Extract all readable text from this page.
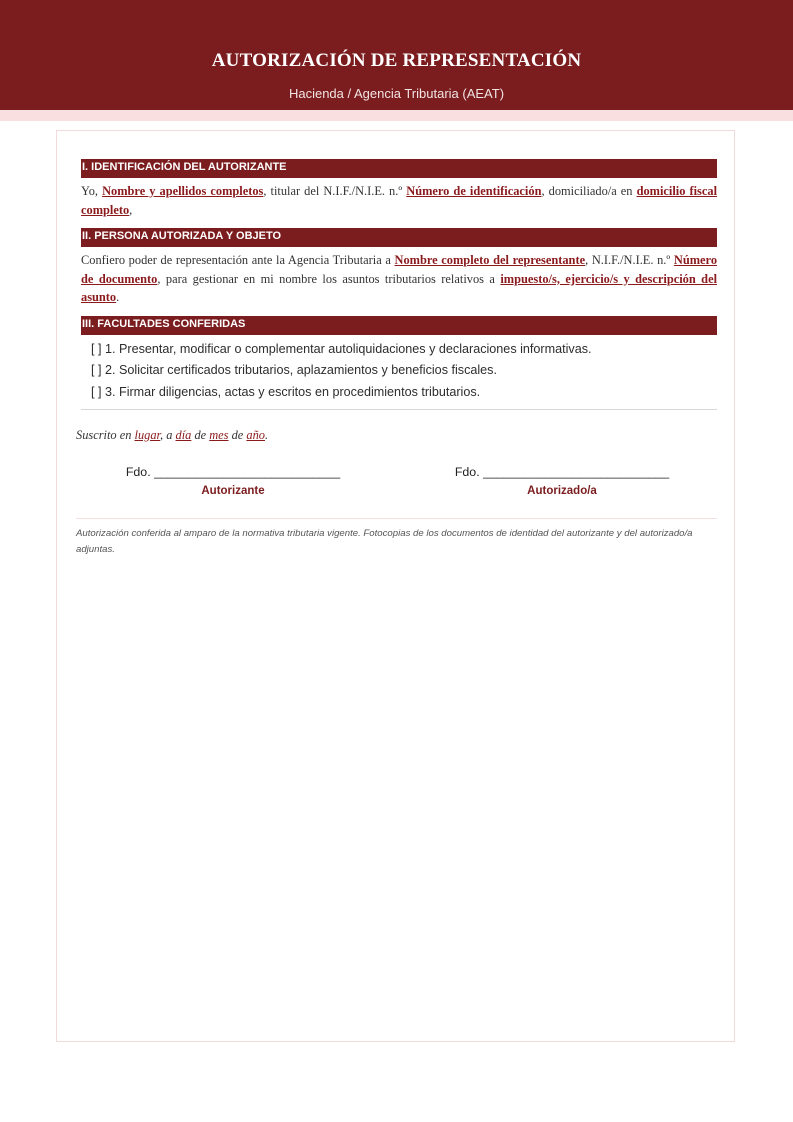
AUTORIZACIÓN DE REPRESENTACIÓN
Hacienda / Agencia Tributaria (AEAT)
I. IDENTIFICACIÓN DEL AUTORIZANTE

Yo, Nombre y apellidos completos, titular del N.I.F./N.I.E. n.º Número de identificación, domiciliado/a en domicilio fiscal completo,

II. PERSONA AUTORIZADA Y OBJETO

Confiero poder de representación ante la Agencia Tributaria a Nombre completo del representante, N.I.F./N.I.E. n.º Número de documento, para gestionar en mi nombre los asuntos tributarios relativos a impuesto/s, ejercicio/s y descripción del asunto.

III. FACULTADES CONFERIDAS
[ ] 1. Presentar, modificar o complementar autoliquidaciones y declaraciones informativas.
[ ] 2. Solicitar certificados tributarios, aplazamientos y beneficios fiscales.
[ ] 3. Firmar diligencias, actas y escritos en procedimientos tributarios.
Suscrito en lugar, a día de mes de año.
Fdo. ___________________________
Autorizante
Fdo. ___________________________
Autorizado/a
Autorización conferida al amparo de la normativa tributaria vigente. Fotocopias de los documentos de identidad del autorizante y del autorizado/a adjuntas.
